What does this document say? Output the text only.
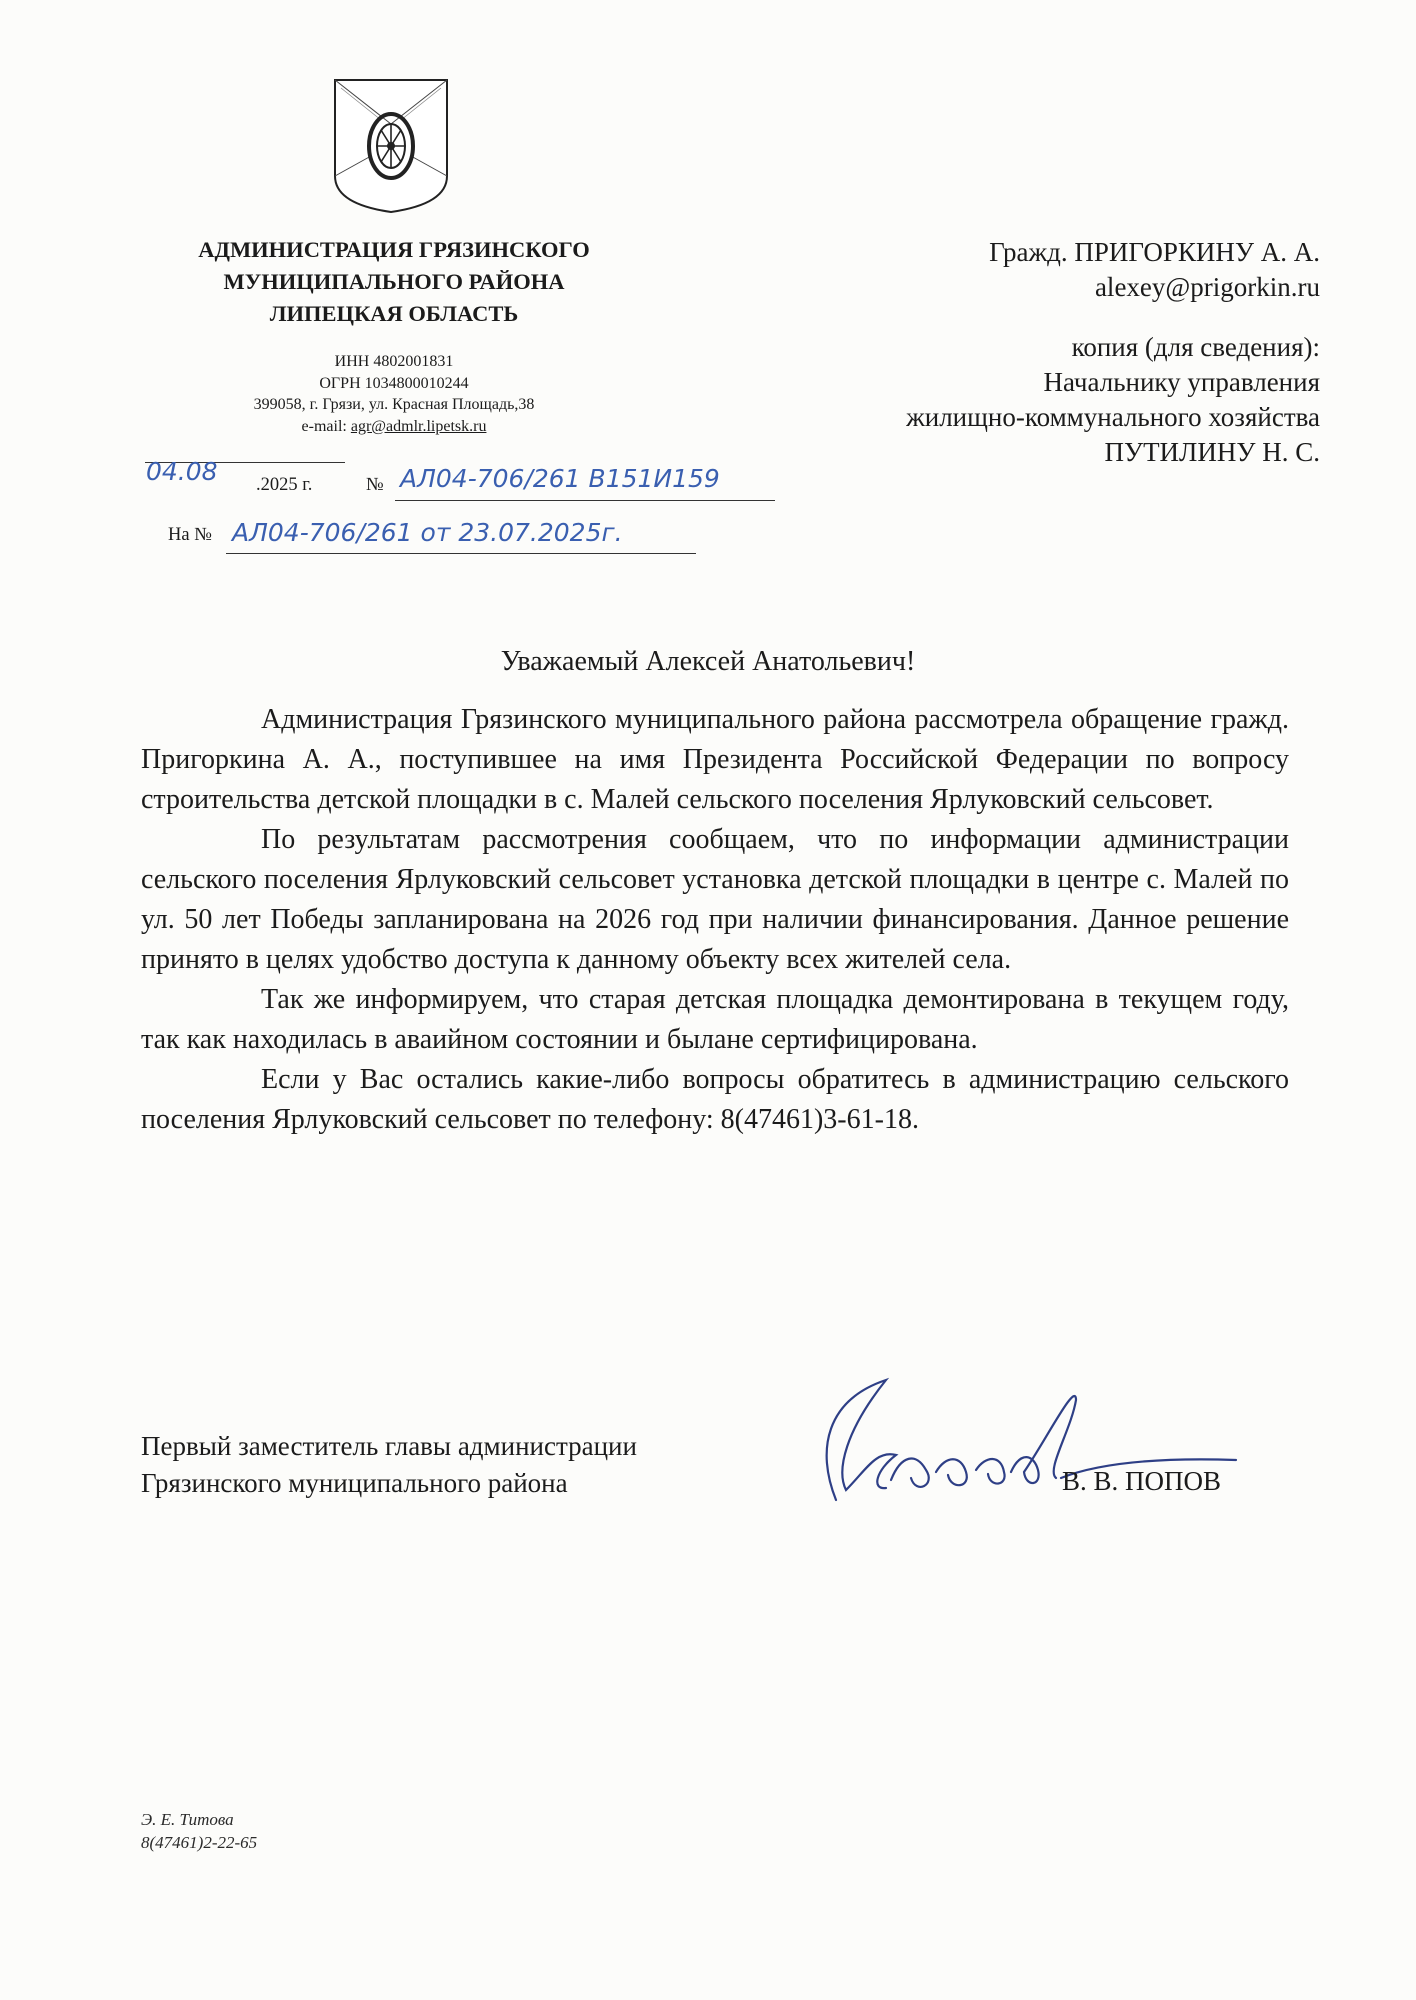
АДМИНИСТРАЦИЯ ГРЯЗИНСКОГО
МУНИЦИПАЛЬНОГО РАЙОНА
ЛИПЕЦКАЯ ОБЛАСТЬ
ИНН 4802001831
ОГРН 1034800010244
399058, г. Грязи, ул. Красная Площадь,38
e-mail: agr@admlr.lipetsk.ru
Гражд. ПРИГОРКИНУ А. А.
alexey@prigorkin.ru
копия (для сведения):
Начальнику управления
жилищно-коммунального хозяйства
ПУТИЛИНУ Н. С.
04.08 .2025 г.	№ АЛ04-706/261 В151И159
На № АЛ04-706/261 от 23.07.2025г.
Уважаемый Алексей Анатольевич!

Администрация Грязинского муниципального района рассмотрела обращение гражд. Пригоркина А. А., поступившее на имя Президента Российской Федерации по вопросу строительства детской площадки в с. Малей сельского поселения Ярлуковский сельсовет.

По результатам рассмотрения сообщаем, что по информации администрации сельского поселения Ярлуковский сельсовет установка детской площадки в центре с. Малей по ул. 50 лет Победы запланирована на 2026 год при наличии финансирования. Данное решение принято в целях удобство доступа к данному объекту всех жителей села.

Так же информируем, что старая детская площадка демонтирована в текущем году, так как находилась в аваийном состоянии и былане сертифицирована.

Если у Вас остались какие-либо вопросы обратитесь в администрацию сельского поселения Ярлуковский сельсовет по телефону: 8(47461)3-61-18.

Первый заместитель главы администрации
Грязинского муниципального района	В. В. ПОПОВ
Э. Е. Титова
8(47461)2-22-65
